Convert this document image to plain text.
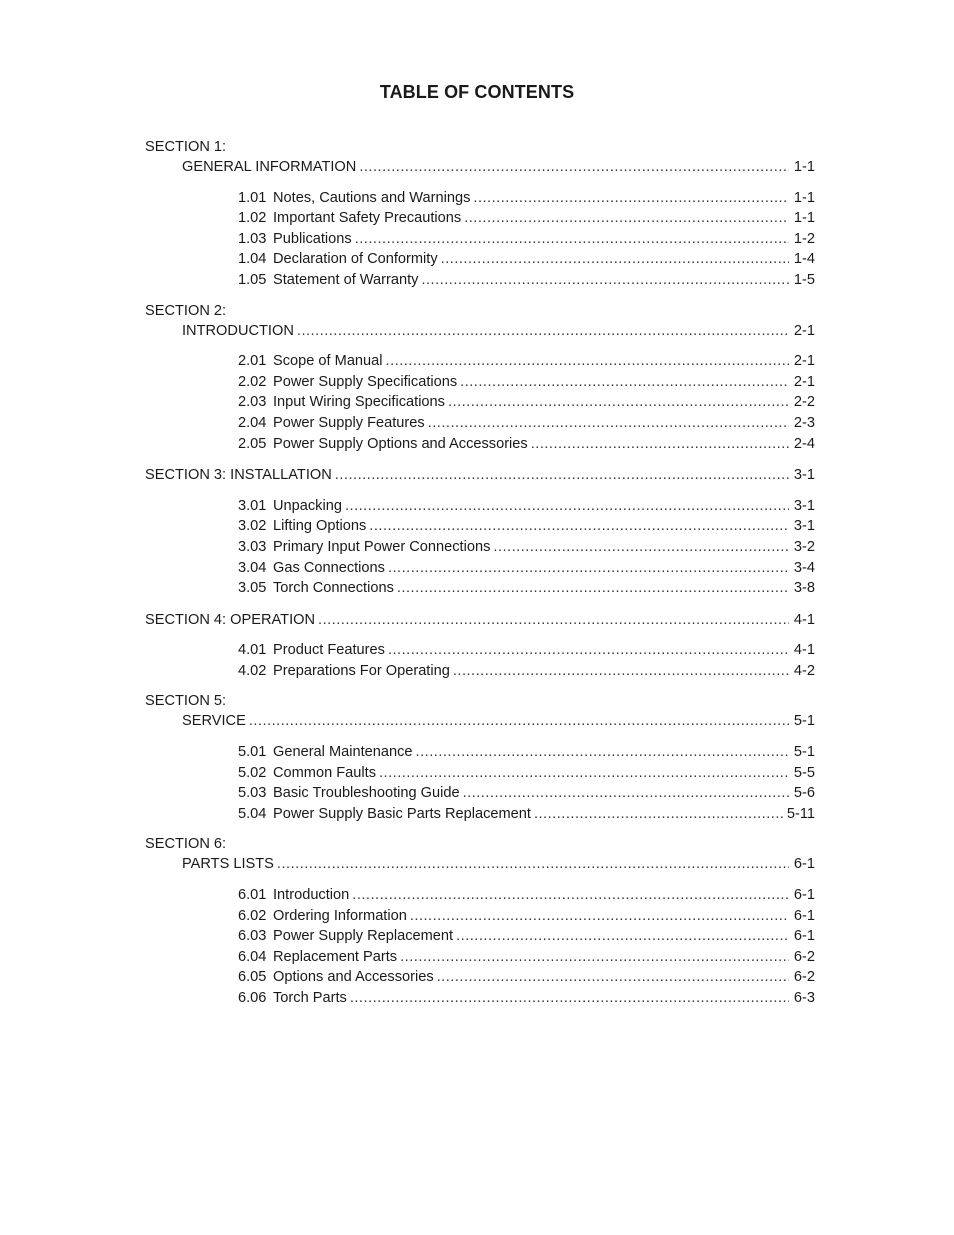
TABLE OF CONTENTS
SECTION 1:
GENERAL INFORMATION .....	1-1
1.01 Notes, Cautions and Warnings .....	1-1
1.02 Important Safety Precautions .....	1-1
1.03 Publications .....	1-2
1.04 Declaration of Conformity .....	1-4
1.05 Statement of Warranty .....	1-5
SECTION 2:
INTRODUCTION .....	2-1
2.01 Scope of Manual .....	2-1
2.02 Power Supply Specifications .....	2-1
2.03 Input Wiring Specifications .....	2-2
2.04 Power Supply Features .....	2-3
2.05 Power Supply Options and Accessories .....	2-4
SECTION 3: INSTALLATION .....	3-1
3.01 Unpacking .....	3-1
3.02 Lifting Options .....	3-1
3.03 Primary Input Power Connections .....	3-2
3.04 Gas Connections .....	3-4
3.05 Torch Connections .....	3-8
SECTION 4: OPERATION .....	4-1
4.01 Product Features .....	4-1
4.02 Preparations For Operating .....	4-2
SECTION 5:
SERVICE .....	5-1
5.01 General Maintenance .....	5-1
5.02 Common Faults .....	5-5
5.03 Basic Troubleshooting Guide .....	5-6
5.04 Power Supply Basic Parts Replacement .....	5-11
SECTION 6:
PARTS LISTS .....	6-1
6.01 Introduction .....	6-1
6.02 Ordering Information .....	6-1
6.03 Power Supply Replacement .....	6-1
6.04 Replacement Parts .....	6-2
6.05 Options and Accessories .....	6-2
6.06 Torch Parts .....	6-3
